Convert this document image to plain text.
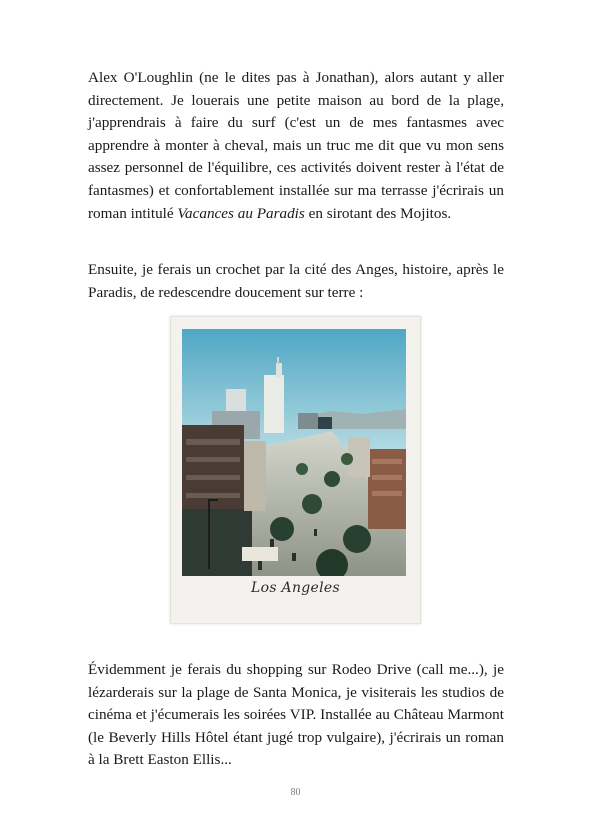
Alex O'Loughlin (ne le dites pas à Jonathan), alors autant y aller directement. Je louerais une petite maison au bord de la plage, j'apprendrais à faire du surf (c'est un de mes fantasmes avec apprendre à monter à cheval, mais un truc me dit que vu mon sens assez personnel de l'équilibre, ces activités doivent rester à l'état de fantasmes) et confortablement installée sur ma terrasse j'écrirais un roman intitulé Vacances au Paradis en sirotant des Mojitos.

Ensuite, je ferais un crochet par la cité des Anges, histoire, après le Paradis, de redescendre doucement sur terre :

Los Angeles

Évidemment je ferais du shopping sur Rodeo Drive (call me...), je lézarderais sur la plage de Santa Monica, je visiterais les studios de cinéma et j'écumerais les soirées VIP. Installée au Château Marmont (le Beverly Hills Hôtel étant jugé trop vulgaire), j'écrirais un roman à la Brett Easton Ellis...

80
